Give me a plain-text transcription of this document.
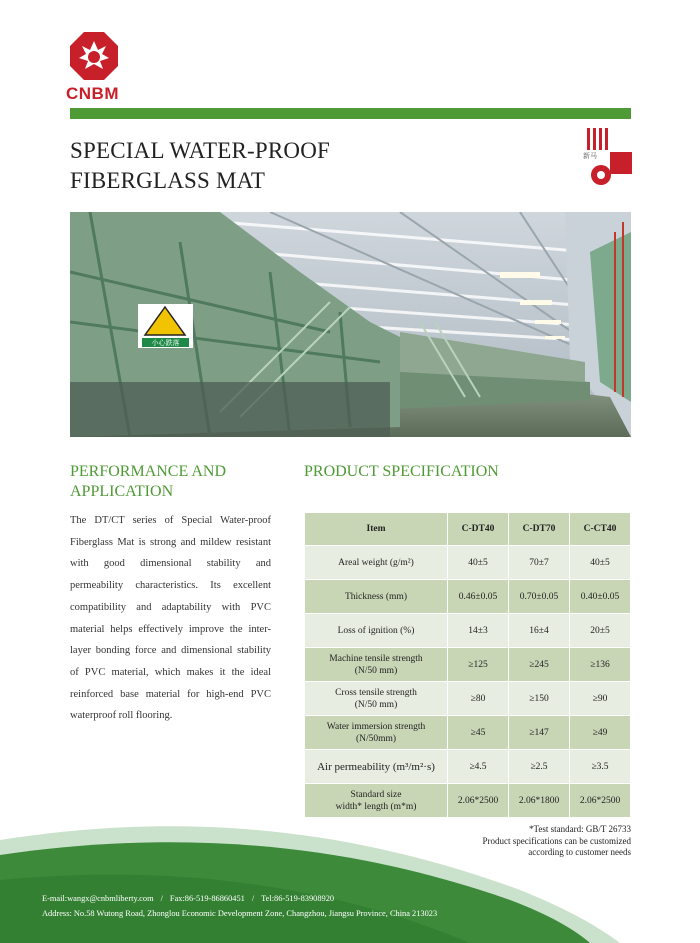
CNBM
SPECIAL WATER-PROOF
FIBERGLASS MAT
新马
小心跌落
PERFORMANCE AND
APPLICATION
The DT/CT series of Special Water-proof Fiberglass Mat is strong and mildew resistant with good dimensional stability and permeability characteristics. Its excellent compatibility and adaptability with PVC material helps effectively improve the inter-layer bonding force and dimensional stability of PVC material, which makes it the ideal reinforced base material for high-end PVC waterproof roll flooring.
PRODUCT SPECIFICATION
Item	C-DT40	C-DT70	C-CT40

Areal weight (g/m²)	40±5	70±7	40±5

Thickness (mm)	0.46±0.05	0.70±0.05	0.40±0.05

Loss of ignition (%)	14±3	16±4	20±5

Machine tensile strength
(N/50 mm)	≥125	≥245	≥136

Cross tensile strength
(N/50 mm)	≥80	≥150	≥90

Water immersion strength
(N/50mm)	≥45	≥147	≥49

Air permeability (m³/m²·s)	≥4.5	≥2.5	≥3.5

Standard size
width* length (m*m)	2.06*2500	2.06*1800	2.06*2500
*Test standard: GB/T 26733
Product specifications can be customized
according to customer needs
E-mail:wangx@cnbmliberty.com / Fax:86-519-86860451 / Tel:86-519-83908920
Address: No.58 Wutong Road, Zhonglou Economic Development Zone, Changzhou, Jiangsu Province, China 213023
